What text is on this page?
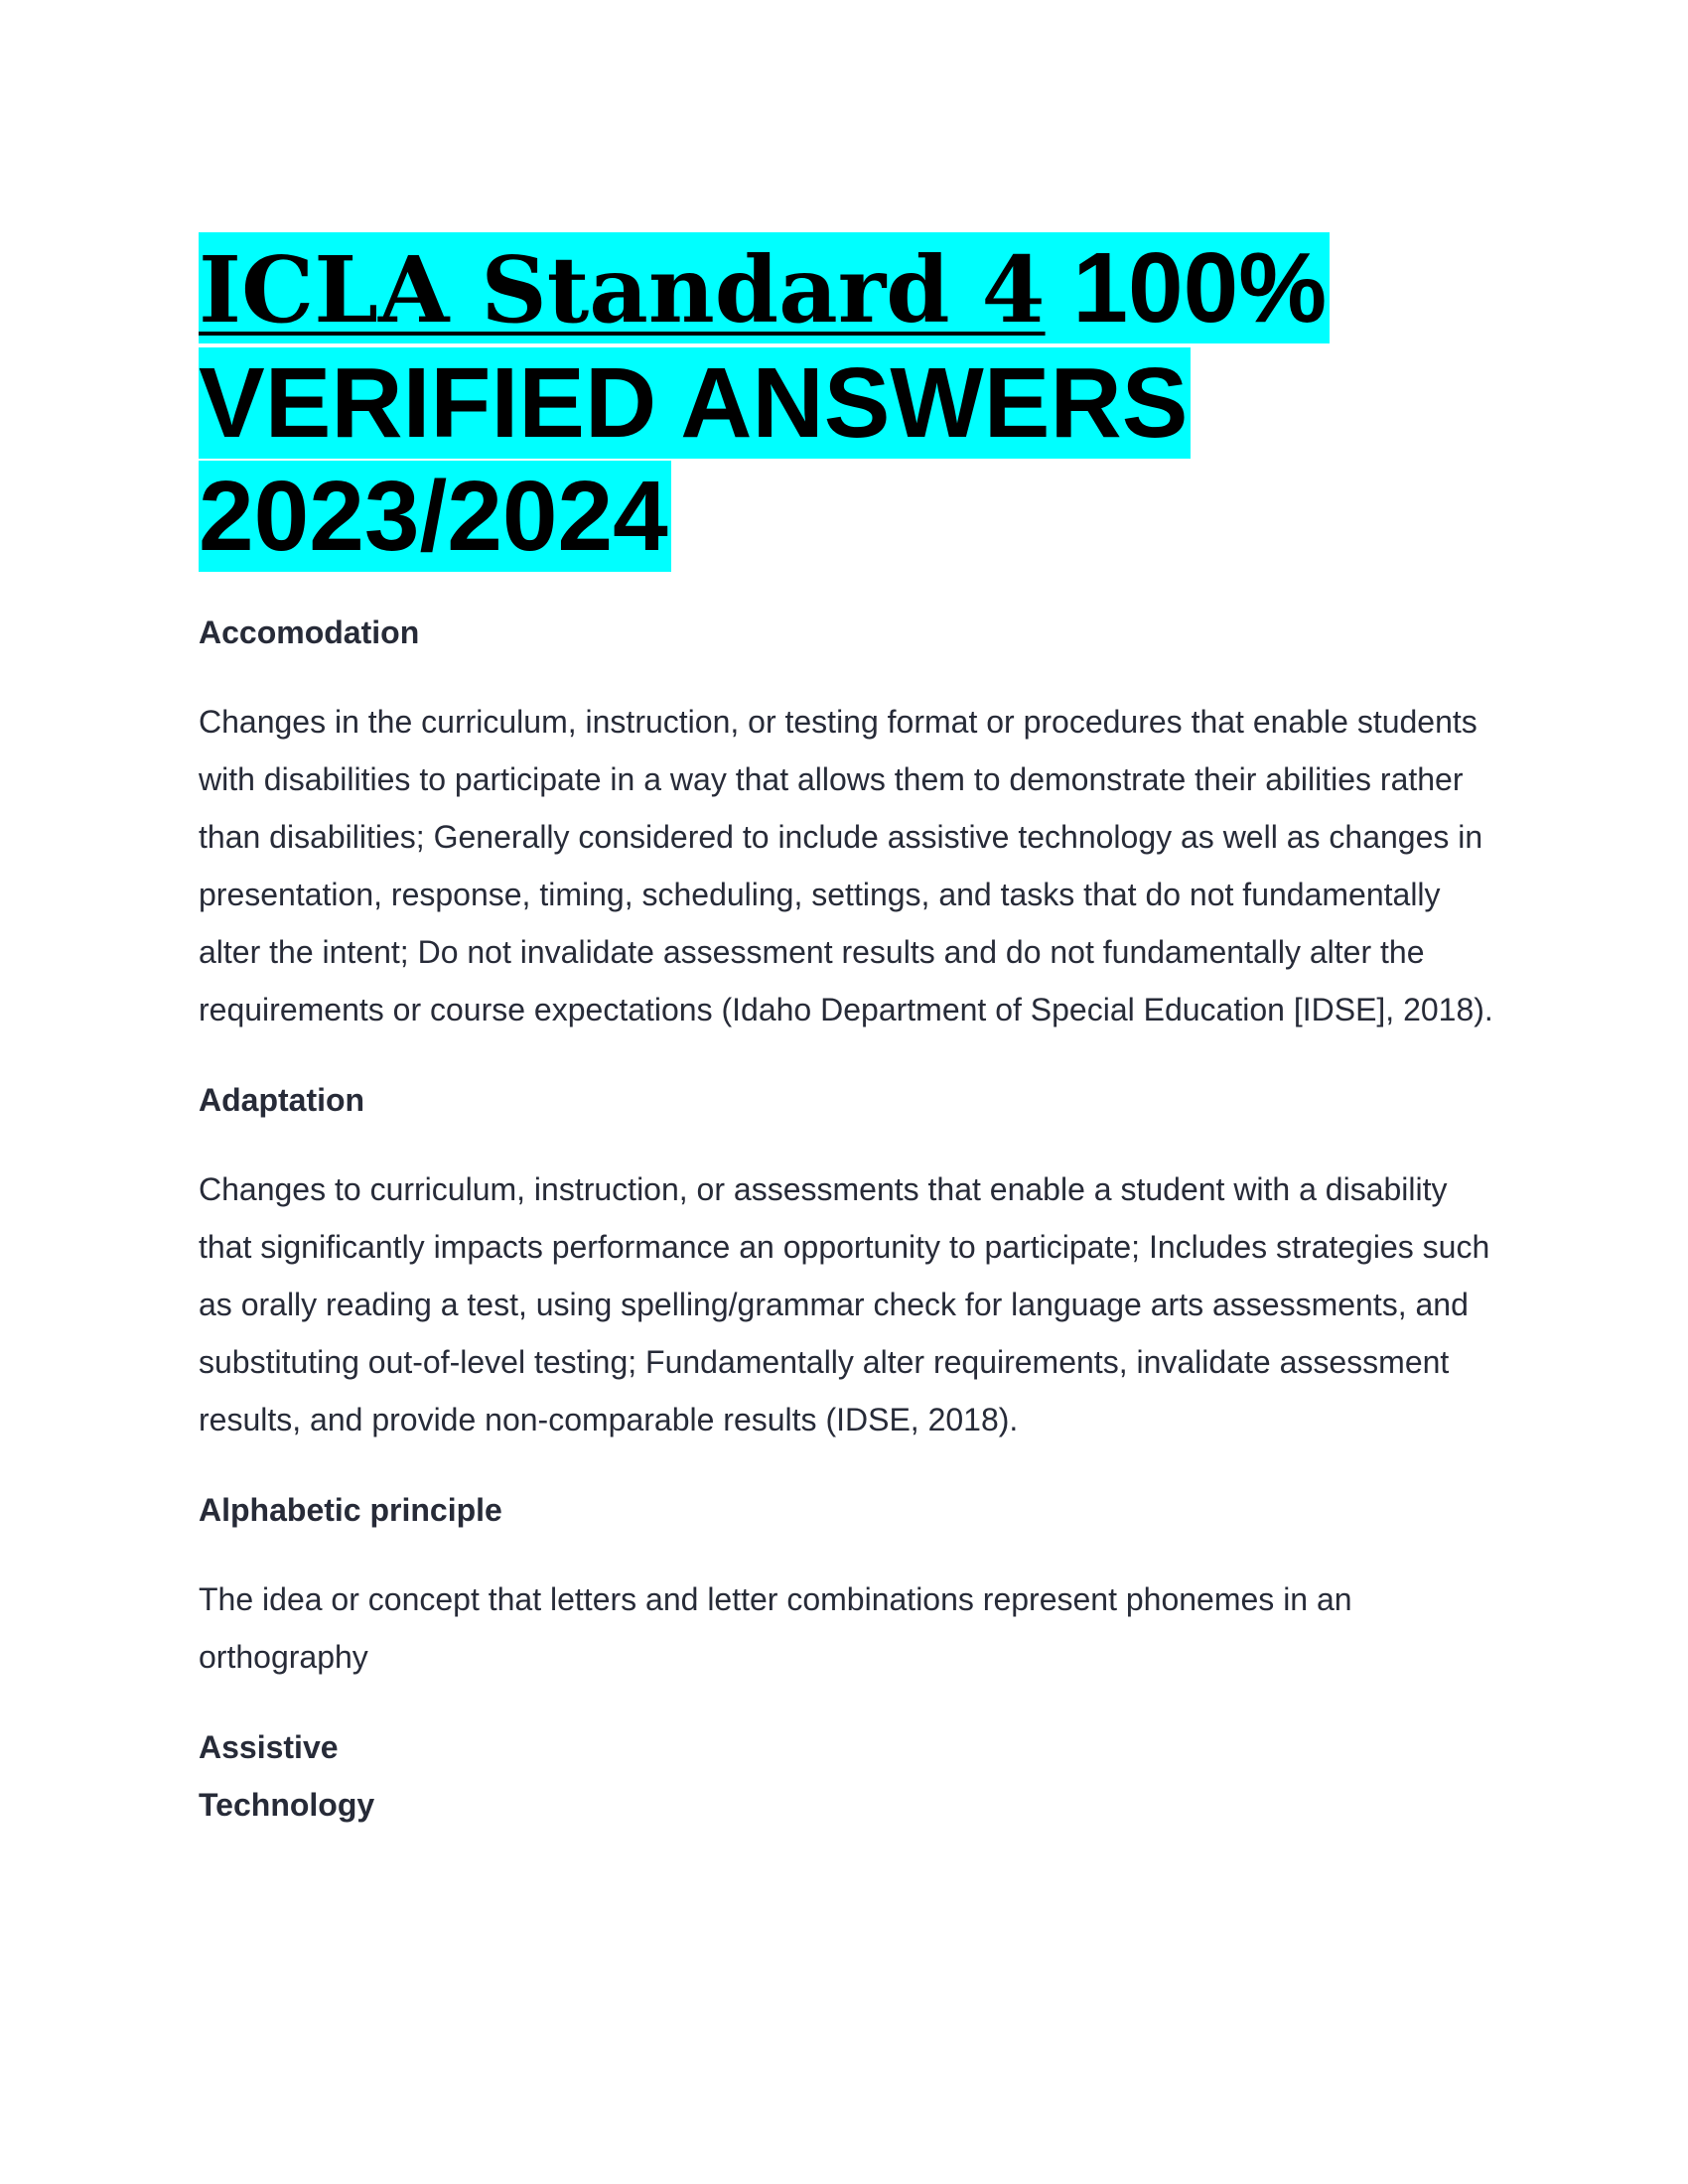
ICLA Standard 4 100% VERIFIED ANSWERS 2023/2024

Accomodation

Changes in the curriculum, instruction, or testing format or procedures that enable students with disabilities to participate in a way that allows them to demonstrate their abilities rather than disabilities; Generally considered to include assistive technology as well as changes in presentation, response, timing, scheduling, settings, and tasks that do not fundamentally alter the intent; Do not invalidate assessment results and do not fundamentally alter the requirements or course expectations (Idaho Department of Special Education [IDSE], 2018).

Adaptation

Changes to curriculum, instruction, or assessments that enable a student with a disability that significantly impacts performance an opportunity to participate; Includes strategies such as orally reading a test, using spelling/grammar check for language arts assessments, and substituting out-of-level testing; Fundamentally alter requirements, invalidate assessment results, and provide non-comparable results (IDSE, 2018).

Alphabetic principle

The idea or concept that letters and letter combinations represent phonemes in an orthography

Assistive
Technology
